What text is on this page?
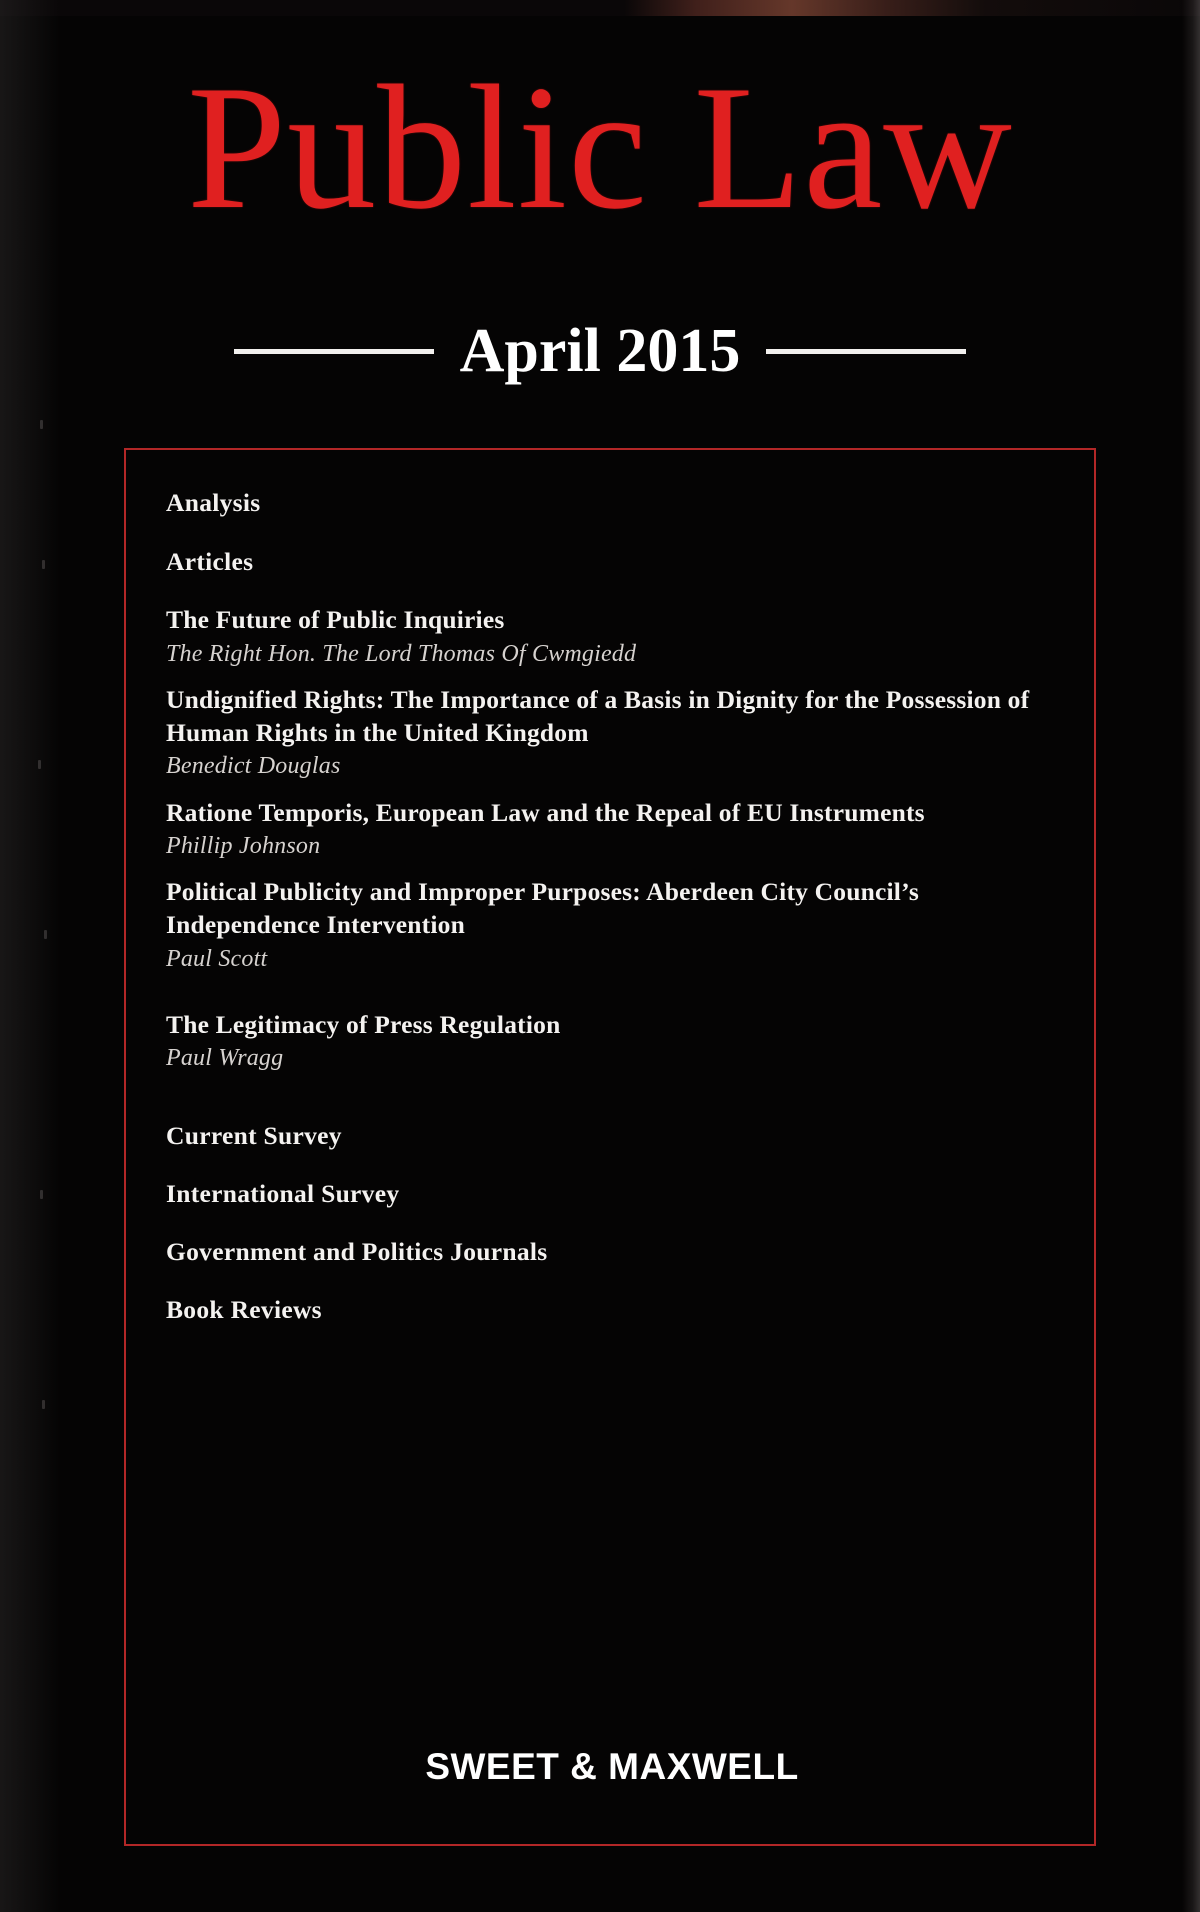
Public Law
April 2015
Analysis
Articles
The Future of Public Inquiries
The Right Hon. The Lord Thomas Of Cwmgiedd
Undignified Rights: The Importance of a Basis in Dignity for the Possession of Human Rights in the United Kingdom
Benedict Douglas
Ratione Temporis, European Law and the Repeal of EU Instruments
Phillip Johnson
Political Publicity and Improper Purposes: Aberdeen City Council’s Independence Intervention
Paul Scott
The Legitimacy of Press Regulation
Paul Wragg
Current Survey
International Survey
Government and Politics Journals
Book Reviews
SWEET & MAXWELL
